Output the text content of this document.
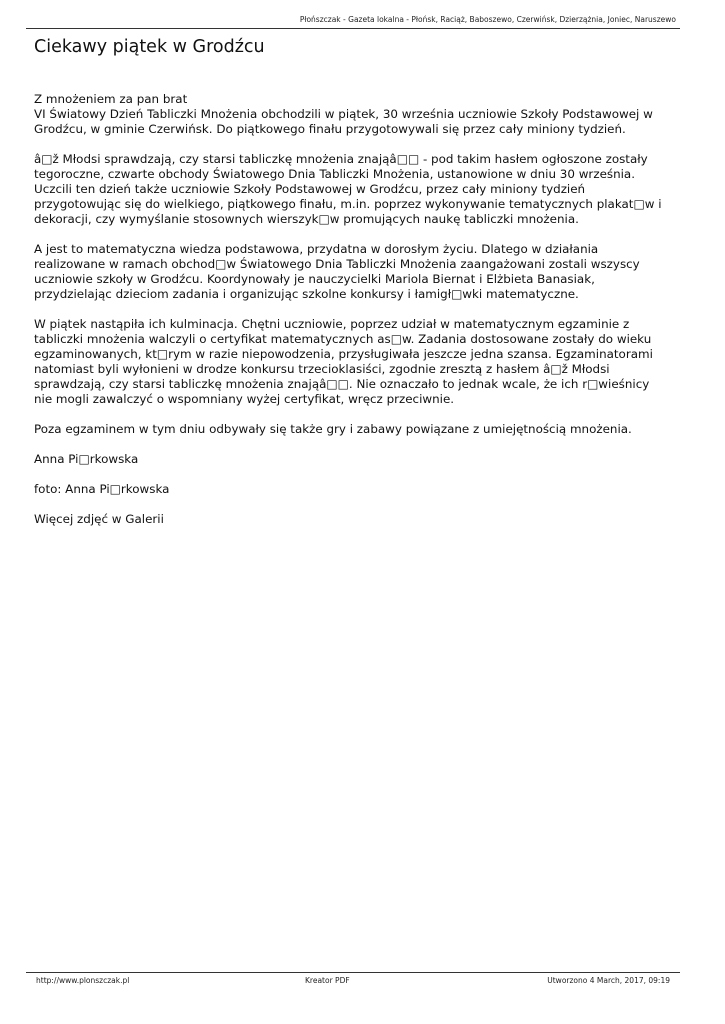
Płońszczak - Gazeta lokalna - Płońsk, Raciąż, Baboszewo, Czerwińsk, Dzierzążnia, Joniec, Naruszewo
Ciekawy piątek w Grodźcu
Z mnożeniem za pan brat
VI Światowy Dzień Tabliczki Mnożenia obchodzili w piątek, 30 września uczniowie Szkoły Podstawowej w
Grodźcu, w gminie Czerwińsk. Do piątkowego finału przygotowywali się przez cały miniony tydzień.
â□ž Młodsi sprawdzają, czy starsi tabliczkę mnożenia znająâ□□ - pod takim hasłem ogłoszone zostały
tegoroczne, czwarte obchody Światowego Dnia Tabliczki Mnożenia, ustanowione w dniu 30 września.
Uczcili ten dzień także uczniowie Szkoły Podstawowej w Grodźcu, przez cały miniony tydzień
przygotowując się do wielkiego, piątkowego finału, m.in. poprzez wykonywanie tematycznych plakat□w i
dekoracji, czy wymyślanie stosownych wierszyk□w promujących naukę tabliczki mnożenia.
A jest to matematyczna wiedza podstawowa, przydatna w dorosłym życiu. Dlatego w działania
realizowane w ramach obchod□w Światowego Dnia Tabliczki Mnożenia zaangażowani zostali wszyscy
uczniowie szkoły w Grodźcu. Koordynowały je nauczycielki Mariola Biernat i Elżbieta Banasiak,
przydzielając dzieciom zadania i organizując szkolne konkursy i łamigł□wki matematyczne.
W piątek nastąpiła ich kulminacja. Chętni uczniowie, poprzez udział w matematycznym egzaminie z
tabliczki mnożenia walczyli o certyfikat matematycznych as□w. Zadania dostosowane zostały do wieku
egzaminowanych, kt□rym w razie niepowodzenia, przysługiwała jeszcze jedna szansa. Egzaminatorami
natomiast byli wyłonieni w drodze konkursu trzecioklasiści, zgodnie zresztą z hasłem â□ž Młodsi
sprawdzają, czy starsi tabliczkę mnożenia znająâ□□. Nie oznaczało to jednak wcale, że ich r□wieśnicy
nie mogli zawalczyć o wspomniany wyżej certyfikat, wręcz przeciwnie.
Poza egzaminem w tym dniu odbywały się także gry i zabawy powiązane z umiejętnością mnożenia.
Anna Pi□rkowska
foto: Anna Pi□rkowska
Więcej zdjęć w Galerii
http://www.plonszczak.pl	Kreator PDF	Utworzono 4 March, 2017, 09:19
